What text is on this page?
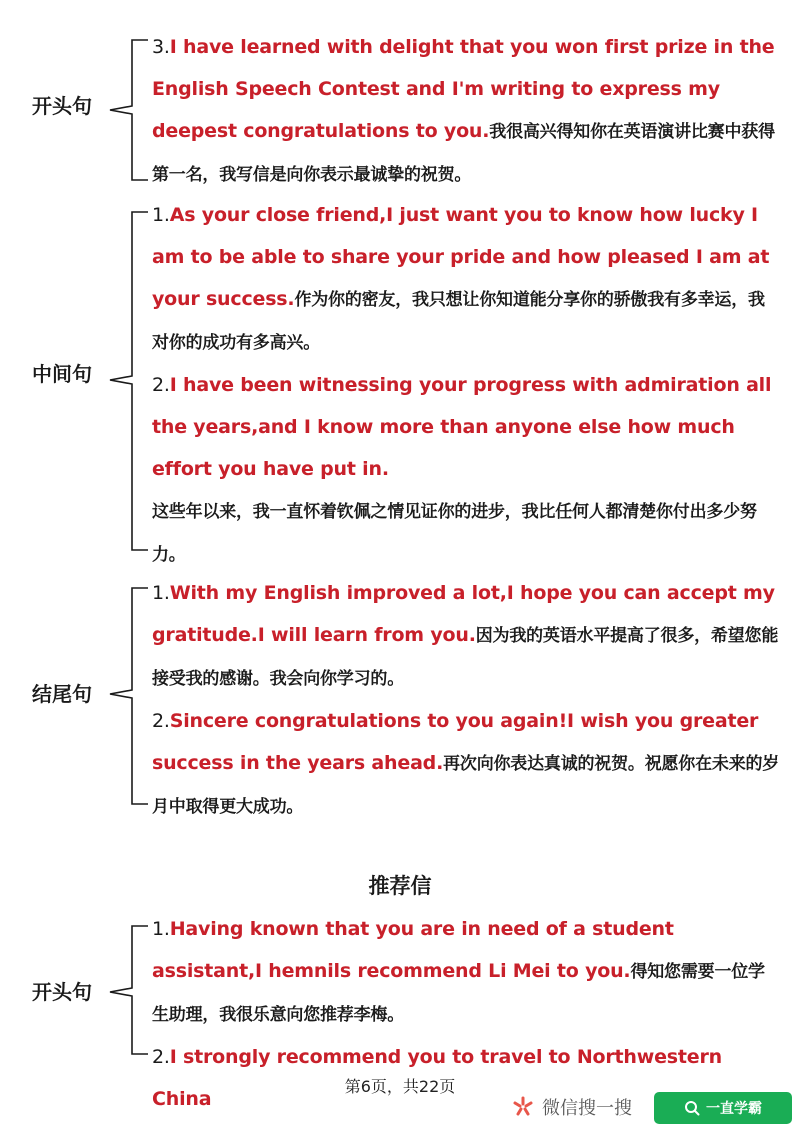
开头句

3.I have learned with delight that you won first prize in the English Speech Contest and I'm writing to express my deepest congratulations to you.我很高兴得知你在英语演讲比赛中获得第一名，我写信是向你表示最诚挚的祝贺。

中间句

1.As your close friend,I just want you to know how lucky I am to be able to share your pride and how pleased I am at your success.作为你的密友，我只想让你知道能分享你的骄傲我有多幸运，我对你的成功有多高兴。

2.I have been witnessing your progress with admiration all the years,and I know more than anyone else how much effort you have put in.
这些年以来，我一直怀着钦佩之情见证你的进步，我比任何人都清楚你付出多少努力。

结尾句

1.With my English improved a lot,I hope you can accept my gratitude.I will learn from you.因为我的英语水平提高了很多，希望您能接受我的感谢。我会向你学习的。

2.Sincere congratulations to you again!I wish you greater success in the years ahead.再次向你表达真诚的祝贺。祝愿你在未来的岁月中取得更大成功。

推荐信
开头句

1.Having known that you are in need of a student assistant,I hemnils recommend Li Mei to you.得知您需要一位学生助理，我很乐意向您推荐李梅。

2.I strongly recommend you to travel to Northwestern China

第6页，共22页
微信搜一搜	一直学霸
